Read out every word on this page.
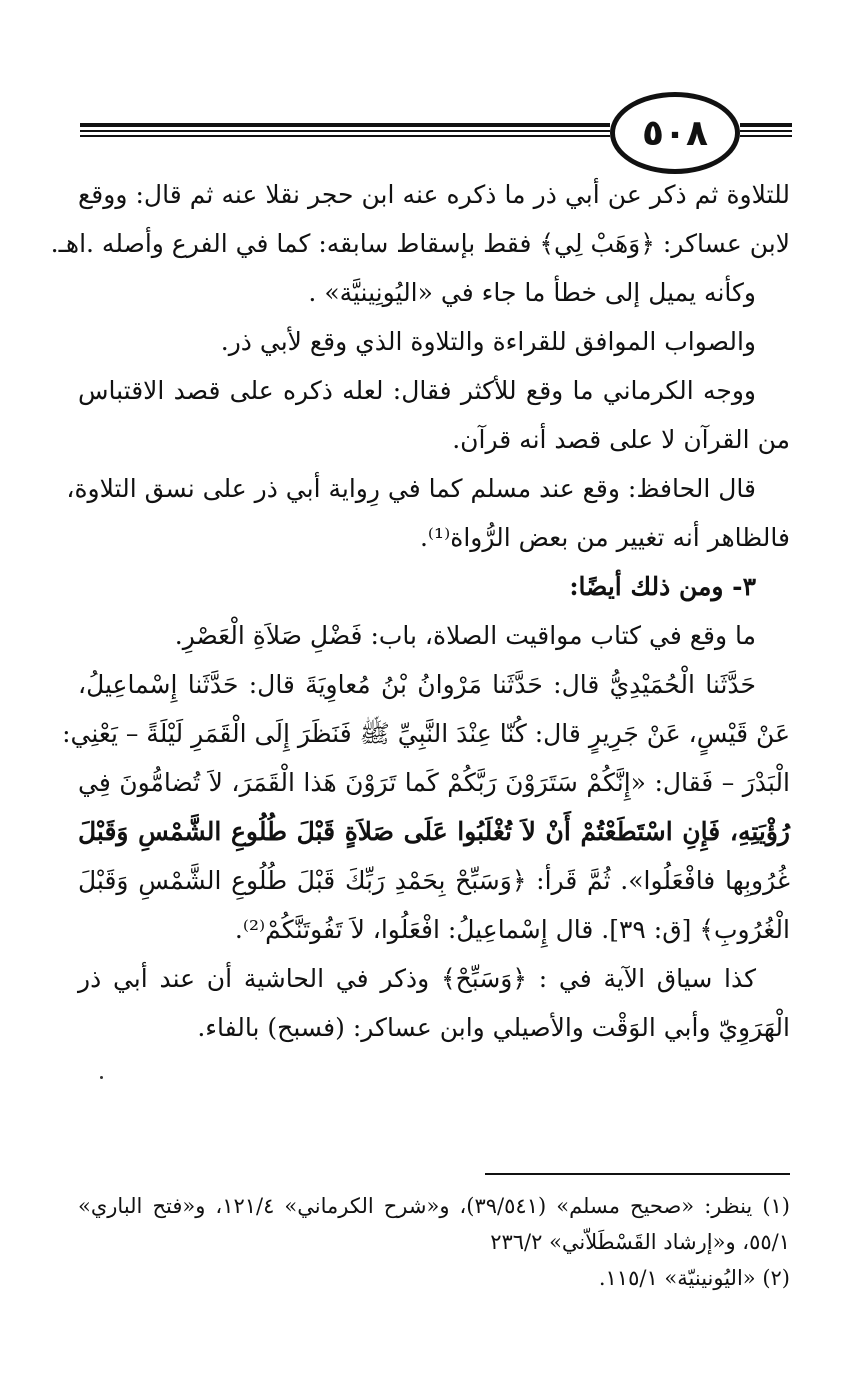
٥٠٨
للتلاوة ثم ذكر عن أبي ذر ما ذكره عنه ابن حجر نقلا عنه ثم قال: ووقع
لابن عساكر: ﴿وَهَبْ لِي﴾ فقط بإسقاط سابقه: كما في الفرع وأصله .اهـ.
وكأنه يميل إلى خطأ ما جاء في «اليُونِينيَّة» .
والصواب الموافق للقراءة والتلاوة الذي وقع لأبي ذر.
ووجه الكرماني ما وقع للأكثر فقال: لعله ذكره على قصد الاقتباس
من القرآن لا على قصد أنه قرآن.
قال الحافظ: وقع عند مسلم كما في رِواية أبي ذر على نسق التلاوة،
فالظاهر أنه تغيير من بعض الرُّواة⁽¹⁾.
٣- ومن ذلك أيضًا:
ما وقع في كتاب مواقيت الصلاة، باب: فَضْلِ صَلاَةِ الْعَصْرِ.
حَدَّثَنا الْحُمَيْدِيُّ قال: حَدَّثَنا مَرْوانُ بْنُ مُعاوِيَةَ قال: حَدَّثَنا إِسْماعِيلُ،
عَنْ قَيْسٍ، عَنْ جَرِيرٍ قال: كُنّا عِنْدَ النَّبِيِّ ﷺ فَنَظَرَ إِلَى الْقَمَرِ لَيْلَةً – يَعْنِي:
الْبَدْرَ – فَقال: «إِنَّكُمْ سَتَرَوْنَ رَبَّكُمْ كَما تَرَوْنَ هَذا الْقَمَرَ، لاَ تُضامُّونَ فِي
رُؤْيَتِهِ، فَإِنِ اسْتَطَعْتُمْ أَنْ لاَ تُغْلَبُوا عَلَى صَلاَةٍ قَبْلَ طُلُوعِ الشَّمْسِ وَقَبْلَ
غُرُوبِها فافْعَلُوا». ثُمَّ قَرأ: ﴿وَسَبِّحْ بِحَمْدِ رَبِّكَ قَبْلَ طُلُوعِ الشَّمْسِ وَقَبْلَ
الْغُرُوبِ﴾ [ق: ٣٩]. قال إِسْماعِيلُ: افْعَلُوا، لاَ تَفُوتَنَّكُمْ⁽²⁾.
كذا سياق الآية في : ﴿وَسَبِّحْ﴾ وذكر في الحاشية أن عند أبي ذر
الْهَرَوِيّ وأبي الوَقْت والأصيلي وابن عساكر: (فسبح) بالفاء.
(١) ينظر: «صحيح مسلم» (٣٩/٥٤١)، و«شرح الكرماني» ١٢١/٤، و«فتح الباري»
٥٥/١، و«إرشاد القَسْطَلاّني» ٢٣٦/٢
(٢) «اليُونينيّة» ١١٥/١.
